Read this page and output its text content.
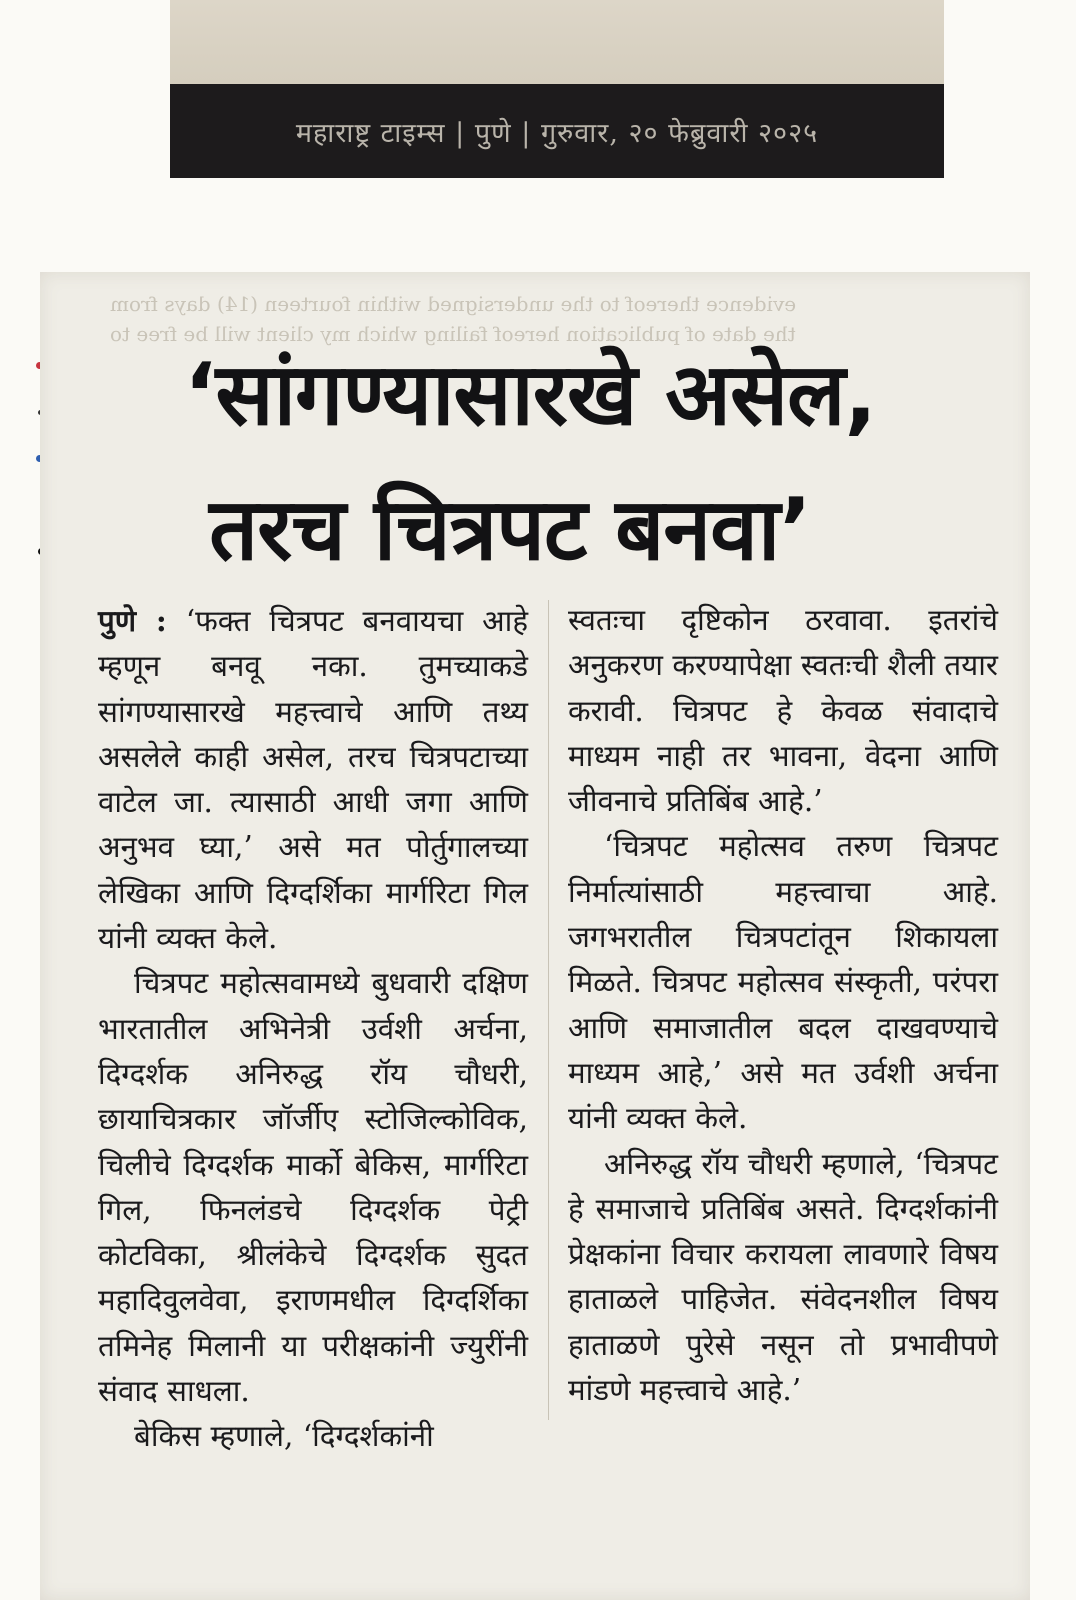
महाराष्ट्र टाइम्स | पुणे | गुरुवार, २० फेब्रुवारी २०२५
evidence thereof to the undersigned within fourteen (14) days from
the date of publication hereof failing which my client will be free to
‘सांगण्यासारखे असेल,
तरच चित्रपट बनवा’

पुणे : ‘फक्त चित्रपट बनवायचा आहे म्हणून बनवू नका. तुमच्याकडे सांगण्यासारखे महत्त्वाचे आणि तथ्य असलेले काही असेल, तरच चित्रपटाच्या वाटेल जा. त्यासाठी आधी जगा आणि अनुभव घ्या,’ असे मत पोर्तुगालच्या लेखिका आणि दिग्दर्शिका मार्गरिटा गिल यांनी व्यक्त केले.

चित्रपट महोत्सवामध्ये बुधवारी दक्षिण भारतातील अभिनेत्री उर्वशी अर्चना, दिग्दर्शक अनिरुद्ध रॉय चौधरी, छायाचित्रकार जॉर्जीए स्टोजिल्कोविक, चिलीचे दिग्दर्शक मार्को बेकिस, मार्गरिटा गिल, फिनलंडचे दिग्दर्शक पेट्री कोटविका, श्रीलंकेचे दिग्दर्शक सुदत महादिवुलवेवा, इराणमधील दिग्दर्शिका तमिनेह मिलानी या परीक्षकांनी ज्युरींनी संवाद साधला.

बेकिस म्हणाले, ‘दिग्दर्शकांनी

स्वतःचा दृष्टिकोन ठरवावा. इतरांचे अनुकरण करण्यापेक्षा स्वतःची शैली तयार करावी. चित्रपट हे केवळ संवादाचे माध्यम नाही तर भावना, वेदना आणि जीवनाचे प्रतिबिंब आहे.’

‘चित्रपट महोत्सव तरुण चित्रपट निर्मात्यांसाठी महत्त्वाचा आहे. जगभरातील चित्रपटांतून शिकायला मिळते. चित्रपट महोत्सव संस्कृती, परंपरा आणि समाजातील बदल दाखवण्याचे माध्यम आहे,’ असे मत उर्वशी अर्चना यांनी व्यक्त केले.

अनिरुद्ध रॉय चौधरी म्हणाले, ‘चित्रपट हे समाजाचे प्रतिबिंब असते. दिग्दर्शकांनी प्रेक्षकांना विचार करायला लावणारे विषय हाताळले पाहिजेत. संवेदनशील विषय हाताळणे पुरेसे नसून तो प्रभावीपणे मांडणे महत्त्वाचे आहे.’
